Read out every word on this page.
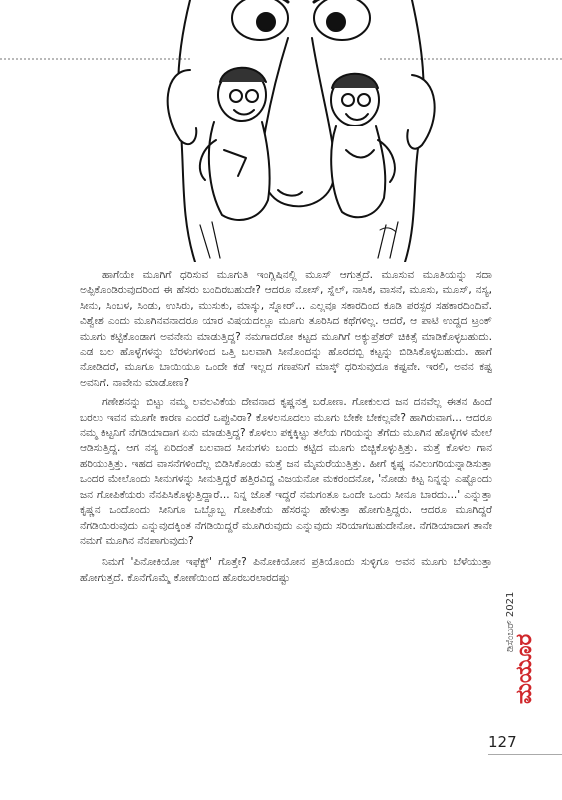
ಹಾಗೆಯೇ ಮೂಗಿಗೆ ಧರಿಸುವ ಮೂಗುತಿ ಇಂಗ್ಲಿಷಿನಲ್ಲಿ ಮೂಸ್ ಆಗುತ್ತದೆ. ಮೂಸುವ ಮೂತಿಯನ್ನು ಸದಾ ಅಪ್ಪಿಕೊಂಡಿರುವುದರಿಂದ ಈ ಹೆಸರು ಬಂದಿರಬಹುದೇ? ಆದರೂ ನೋಸ್, ಸ್ನೆಲ್, ನಾಸಿಕ, ವಾಸನೆ, ಮೂಸು, ಮೂಸ್, ನಸ್ಯ, ಸೀನು, ಸಿಂಬಳ, ಸಿಂಡು, ಉಸಿರು, ಮುಸುಕು, ಮಾಸ್ಕು, ಸ್ನೋರ್... ಎಲ್ಲವೂ ಸಕಾರದಿಂದ ಕೂಡಿ ಪರಸ್ಪರ ಸಹಕಾರದಿಂದಿವೆ. ವಿಶ್ವೇಶ ಎಂದು ಮೂಗಿನವನಾದರೂ ಯಾರ ವಿಷಯದಲ್ಲೂ ಮೂಗು ತೂರಿಸಿದ ಕಥೆಗಳಿಲ್ಲ. ಆದರೆ, ಆ ಪಾಟಿ ಉದ್ದದ ಟ್ರಂಕ್ ಮೂಗು ಕಟ್ಟಿಕೊಂಡಾಗ ಅವನೇನು ಮಾಡುತ್ತಿದ್ದ? ನಮಗಾದರೋ ಕಟ್ಟದ ಮೂಗಿಗೆ ಅಕ್ಯುಪ್ರೆಶರ್ ಚಿಕಿತ್ಸೆ ಮಾಡಿಕೊಳ್ಳಬಹುದು. ಎಡ ಬಲ ಹೊಳ್ಳೆಗಳನ್ನು ಬೆರಳುಗಳಿಂದ ಒತ್ತಿ ಬಲವಾಗಿ ಸೀನೊಂದನ್ನು ಹೊರದಬ್ಬಿ ಕಟ್ಟನ್ನು ಬಿಡಿಸಿಕೊಳ್ಳಬಹುದು. ಹಾಗೆ ನೋಡಿದರೆ, ಮೂಗೂ ಬಾಯಿಯೂ ಒಂದೇ ಕಡೆ ಇಲ್ಲದ ಗಣಪನಿಗೆ ಮಾಸ್ಕ್ ಧರಿಸುವುದೂ ಕಷ್ಟವೇ. ಇರಲಿ, ಅವನ ಕಷ್ಟ ಅವನಿಗೆ. ನಾವೇನು ಮಾಡೋಣ?

ಗಣೇಶನನ್ನು ಬಿಟ್ಟು ನಮ್ಮ ಲವಲವಿಕೆಯ ದೇವನಾದ ಕೃಷ್ಣನತ್ತ ಬರೋಣ. ಗೋಕುಲದ ಜನ ದನವೆಲ್ಲ ಈತನ ಹಿಂದೆ ಬರಲು ಇವನ ಮೂಗೇ ಕಾರಣ ಎಂದರೆ ಒಪ್ಪುವಿರಾ? ಕೊಳಲನೂದಲು ಮೂಗು ಬೇಕೇ ಬೇಕಲ್ಲವೇ? ಹಾಗಿರುವಾಗ... ಆದರೂ ನಮ್ಮ ಕಿಟ್ಟನಿಗೆ ನೆಗಡಿಯಾದಾಗ ಏನು ಮಾಡುತ್ತಿದ್ದ? ಕೊಳಲು ಪಕ್ಕಕ್ಕಿಟ್ಟು ತಲೆಯ ಗರಿಯನ್ನು ತೆಗೆದು ಮೂಗಿನ ಹೊಳ್ಳೆಗಳ ಮೇಲೆ ಆಡಿಸುತ್ತಿದ್ದ. ಆಗ ನಸ್ಯ ಏರಿದಂತೆ ಬಲವಾದ ಸೀನುಗಳು ಬಂದು ಕಟ್ಟಿದ ಮೂಗು ಬಿಚ್ಚಿಕೊಳ್ಳುತ್ತಿತ್ತು. ಮತ್ತೆ ಕೊಳಲ ಗಾನ ಹರಿಯುತ್ತಿತ್ತು. ಇಹದ ವಾಸನೆಗಳಿಂದೆಲ್ಲ ಬಿಡಿಸಿಕೊಂಡು ಮತ್ತೆ ಜನ ಮೈಮರೆಯುತ್ತಿತ್ತು. ಹೀಗೆ ಕೃಷ್ಣ ನವಿಲುಗರಿಯನ್ನಾಡಿಸುತ್ತಾ ಒಂದರ ಮೇಲೊಂದು ಸೀನುಗಳನ್ನು ಸೀನುತ್ತಿದ್ದರೆ ಹತ್ತಿರವಿದ್ದ ವಿಜಯನೋ ಮಕರಂದನೋ, 'ನೋಡು ಕಿಟ್ಟ ನಿನ್ನನ್ನು ಎಷ್ಟೊಂದು ಜನ ಗೋಪಿಕೆಯರು ನೆನಪಿಸಿಕೊಳ್ಳುತ್ತಿದ್ದಾರೆ... ನಿನ್ನ ಜೊತೆ ಇದ್ದರೆ ನಮಗಂತೂ ಒಂದೇ ಒಂದು ಸೀನೂ ಬಾರದು...' ಎನ್ನುತ್ತಾ ಕೃಷ್ಣನ ಒಂದೊಂದು ಸೀನಿಗೂ ಒಬ್ಬೊಬ್ಬ ಗೋಪಿಕೆಯ ಹೆಸರನ್ನು ಹೇಳುತ್ತಾ ಹೋಗುತ್ತಿದ್ದರು. ಆದರೂ ಮೂಗಿದ್ದರೆ ನೆಗಡಿಯಿರುವುದು ಎನ್ನುವುದಕ್ಕಿಂತ ನೆಗಡಿಯಿದ್ದರೆ ಮೂಗಿರುವುದು ಎನ್ನುವುದು ಸರಿಯಾಗಬಹುದೇನೋ. ನೆಗಡಿಯಾದಾಗ ತಾನೇ ನಮಗೆ ಮೂಗಿನ ನೆನಪಾಗುವುದು?

ನಿಮಗೆ 'ಪಿನೋಕಿಯೋ ಇಫೆಕ್ಟ್' ಗೊತ್ತೇ? ಪಿನೋಕಿಯೋನ ಪ್ರತಿಯೊಂದು ಸುಳ್ಳಿಗೂ ಅವನ ಮೂಗು ಬೆಳೆಯುತ್ತಾ ಹೋಗುತ್ತದೆ. ಕೊನೆಗೊಮ್ಮೆ ಕೋಣೆಯಿಂದ ಹೊರಬರಲಾರದಷ್ಟು

ಡಿಸೆಂಬರ್ 2021
ಮಯೂರ
127
